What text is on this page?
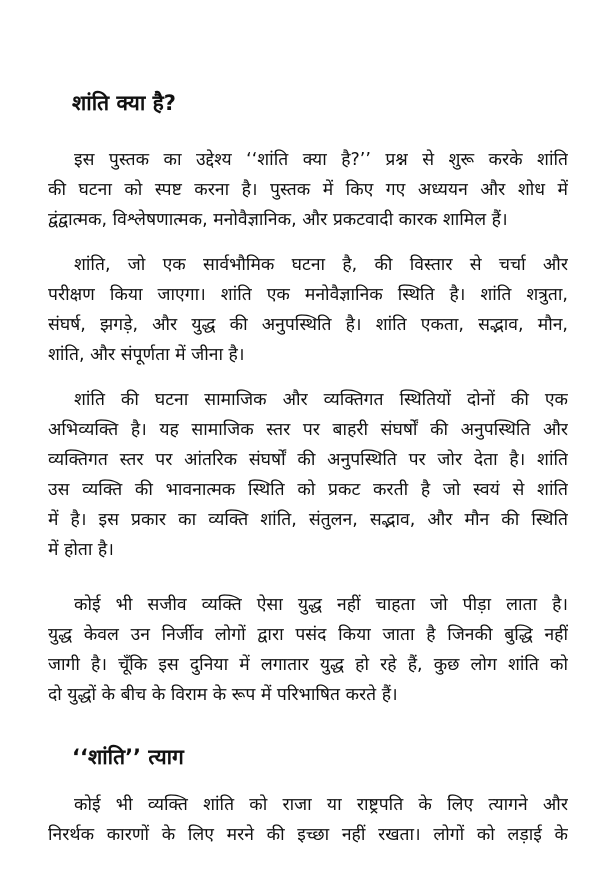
शांति क्या है?
इस पुस्तक का उद्देश्य ‘‘शांति क्या है?’’ प्रश्न से शुरू करके शांति
की घटना को स्पष्ट करना है। पुस्तक में किए गए अध्ययन और शोध में
द्वंद्वात्मक, विश्लेषणात्मक, मनोवैज्ञानिक, और प्रकटवादी कारक शामिल हैं।
शांति, जो एक सार्वभौमिक घटना है, की विस्तार से चर्चा और
परीक्षण किया जाएगा। शांति एक मनोवैज्ञानिक स्थिति है। शांति शत्रुता,
संघर्ष, झगड़े, और युद्ध की अनुपस्थिति है। शांति एकता, सद्भाव, मौन,
शांति, और संपूर्णता में जीना है।
शांति की घटना सामाजिक और व्यक्तिगत स्थितियों दोनों की एक
अभिव्यक्ति है। यह सामाजिक स्तर पर बाहरी संघर्षों की अनुपस्थिति और
व्यक्तिगत स्तर पर आंतरिक संघर्षों की अनुपस्थिति पर जोर देता है। शांति
उस व्यक्ति की भावनात्मक स्थिति को प्रकट करती है जो स्वयं से शांति
में है। इस प्रकार का व्यक्ति शांति, संतुलन, सद्भाव, और मौन की स्थिति
में होता है।
कोई भी सजीव व्यक्ति ऐसा युद्ध नहीं चाहता जो पीड़ा लाता है।
युद्ध केवल उन निर्जीव लोगों द्वारा पसंद किया जाता है जिनकी बुद्धि नहीं
जागी है। चूँकि इस दुनिया में लगातार युद्ध हो रहे हैं, कुछ लोग शांति को
दो युद्धों के बीच के विराम के रूप में परिभाषित करते हैं।
‘‘शांति’’ त्याग
कोई भी व्यक्ति शांति को राजा या राष्ट्रपति के लिए त्यागने और
निरर्थक कारणों के लिए मरने की इच्छा नहीं रखता। लोगों को लड़ाई के
